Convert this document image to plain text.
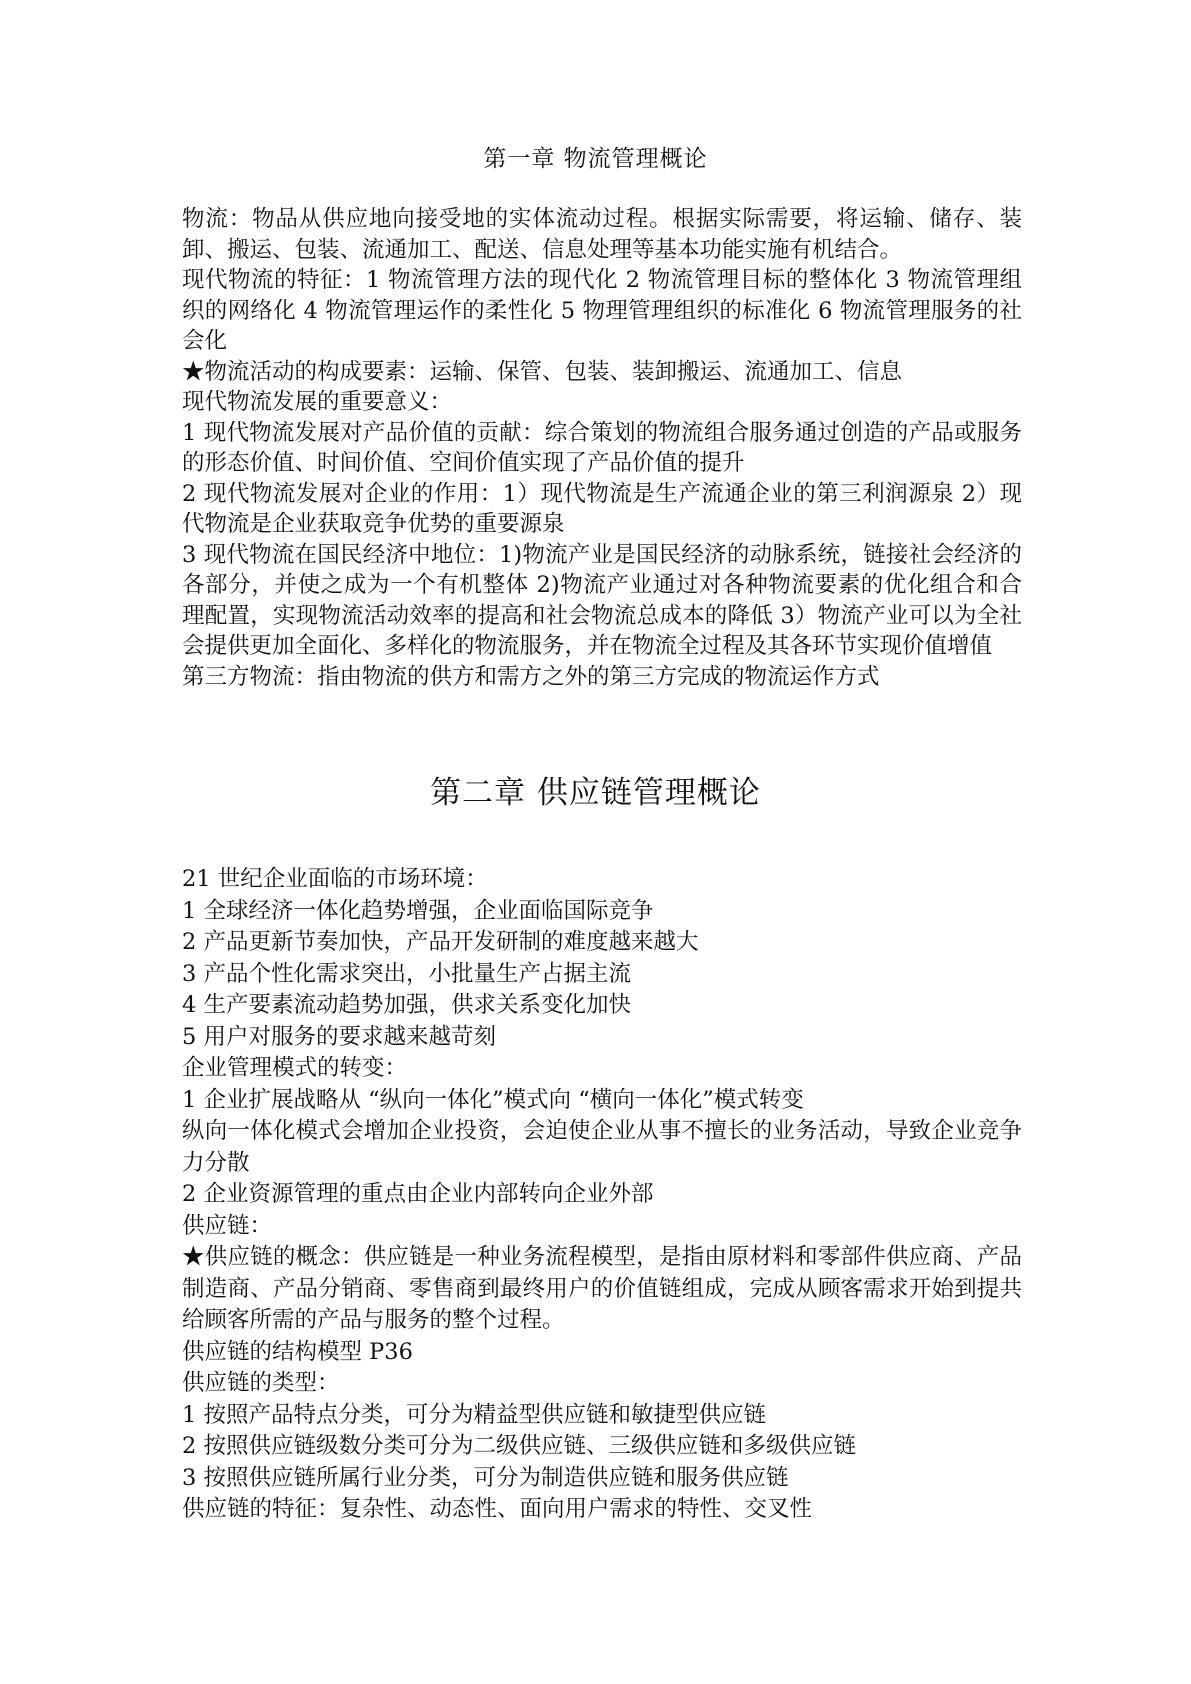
第一章 物流管理概论

物流：物品从供应地向接受地的实体流动过程。根据实际需要，将运输、储存、装卸、搬运、包装、流通加工、配送、信息处理等基本功能实施有机结合。

现代物流的特征：1 物流管理方法的现代化 2 物流管理目标的整体化 3 物流管理组织的网络化 4 物流管理运作的柔性化 5 物理管理组织的标准化 6 物流管理服务的社会化

★物流活动的构成要素：运输、保管、包装、装卸搬运、流通加工、信息

现代物流发展的重要意义：

1 现代物流发展对产品价值的贡献：综合策划的物流组合服务通过创造的产品或服务的形态价值、时间价值、空间价值实现了产品价值的提升

2 现代物流发展对企业的作用：1）现代物流是生产流通企业的第三利润源泉 2）现代物流是企业获取竞争优势的重要源泉

3 现代物流在国民经济中地位：1)物流产业是国民经济的动脉系统，链接社会经济的各部分，并使之成为一个有机整体 2)物流产业通过对各种物流要素的优化组合和合理配置，实现物流活动效率的提高和社会物流总成本的降低 3）物流产业可以为全社会提供更加全面化、多样化的物流服务，并在物流全过程及其各环节实现价值增值

第三方物流：指由物流的供方和需方之外的第三方完成的物流运作方式

第二章 供应链管理概论

21 世纪企业面临的市场环境：

1 全球经济一体化趋势增强，企业面临国际竞争

2 产品更新节奏加快，产品开发研制的难度越来越大

3 产品个性化需求突出，小批量生产占据主流

4 生产要素流动趋势加强，供求关系变化加快

5 用户对服务的要求越来越苛刻

企业管理模式的转变：

1 企业扩展战略从 “纵向一体化”模式向 “横向一体化”模式转变

纵向一体化模式会增加企业投资，会迫使企业从事不擅长的业务活动，导致企业竞争力分散

2 企业资源管理的重点由企业内部转向企业外部

供应链：

★供应链的概念：供应链是一种业务流程模型，是指由原材料和零部件供应商、产品制造商、产品分销商、零售商到最终用户的价值链组成，完成从顾客需求开始到提共给顾客所需的产品与服务的整个过程。

供应链的结构模型 P36

供应链的类型：

1 按照产品特点分类，可分为精益型供应链和敏捷型供应链

2 按照供应链级数分类可分为二级供应链、三级供应链和多级供应链

3 按照供应链所属行业分类，可分为制造供应链和服务供应链

供应链的特征：复杂性、动态性、面向用户需求的特性、交叉性
